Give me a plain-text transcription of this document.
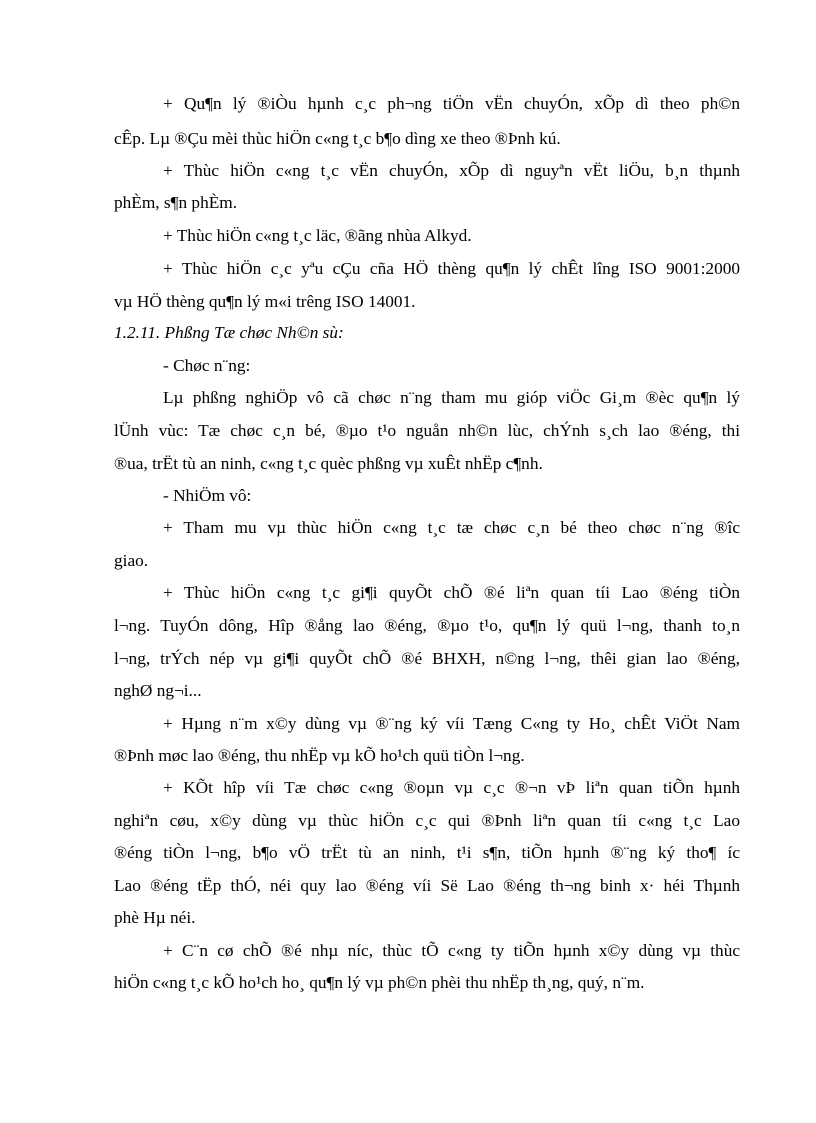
+ Qu¶n lý ®iÒu hµnh c¸c ph¬ng tiÖn vËn chuyÓn, xÕp dì theo ph©n

cÊp. Lµ ®Çu mèi thùc hiÖn c«ng t¸c b¶o dìng xe theo ®Þnh kú.

+ Thùc hiÖn c«ng t¸c vËn chuyÓn, xÕp dì nguyªn vËt liÖu, b¸n thµnh

phÈm, s¶n phÈm.

+ Thùc hiÖn c«ng t¸c läc, ®ãng nhùa Alkyd.

+ Thùc hiÖn c¸c yªu cÇu cña HÖ thèng qu¶n lý chÊt lîng ISO 9001:2000

vµ HÖ thèng qu¶n lý m«i trêng ISO 14001.

1.2.11. Phßng Tæ chøc Nh©n sù:

- Chøc n¨ng:

Lµ phßng nghiÖp vô cã chøc n¨ng tham mu gióp viÖc Gi¸m ®èc qu¶n lý

lÜnh vùc: Tæ chøc c¸n bé, ®µo t¹o nguån nh©n lùc, chÝnh s¸ch lao ®éng, thi

®ua, trËt tù an ninh, c«ng t¸c quèc phßng vµ xuÊt nhËp c¶nh.

- NhiÖm vô:

+ Tham mu vµ thùc hiÖn c«ng t¸c tæ chøc c¸n bé theo chøc n¨ng ®îc

giao.

+ Thùc hiÖn c«ng t¸c gi¶i quyÕt chÕ ®é liªn quan tíi Lao ®éng tiÒn

l¬ng. TuyÓn dông, Hîp ®ång lao ®éng, ®µo t¹o, qu¶n lý quü l¬ng, thanh to¸n

l¬ng, trÝch nép vµ gi¶i quyÕt chÕ ®é BHXH, n©ng l¬ng, thêi gian lao ®éng,

nghØ ng¬i...

+ Hµng n¨m x©y dùng vµ ®¨ng ký víi Tæng C«ng ty Ho¸ chÊt ViÖt Nam

®Þnh møc lao ®éng, thu nhËp vµ kÕ ho¹ch quü tiÒn l¬ng.

+ KÕt hîp víi Tæ chøc c«ng ®oµn vµ c¸c ®¬n vÞ liªn quan tiÕn hµnh

nghiªn cøu, x©y dùng vµ thùc hiÖn c¸c qui ®Þnh liªn quan tíi c«ng t¸c Lao

®éng tiÒn l¬ng, b¶o vÖ trËt tù an ninh, t¹i s¶n, tiÕn hµnh ®¨ng ký tho¶ íc

Lao ®éng tËp thÓ, néi quy lao ®éng víi Së Lao ®éng th¬ng binh x· héi Thµnh

phè Hµ néi.

+ C¨n cø chÕ ®é nhµ níc, thùc tÕ c«ng ty tiÕn hµnh x©y dùng vµ thùc

hiÖn c«ng t¸c kÕ ho¹ch ho¸ qu¶n lý vµ ph©n phèi thu nhËp th¸ng, quý, n¨m.
